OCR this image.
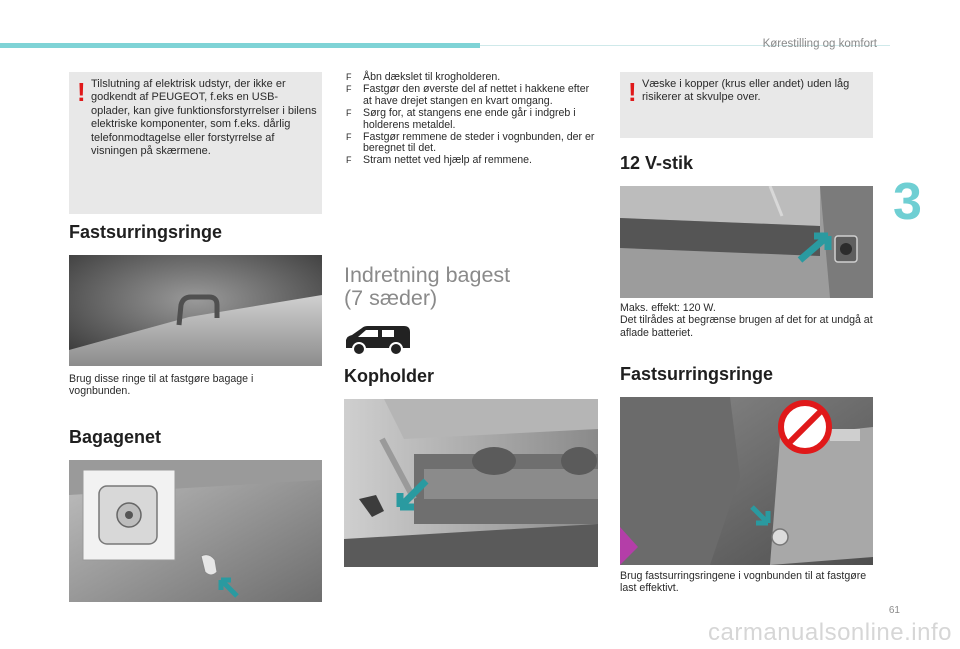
Kørestilling og komfort
3
! Tilslutning af elektrisk udstyr, der ikke er godkendt af PEUGEOT, f.eks en USB-oplader, kan give funktionsforstyrrelser i bilens elektriske komponenter, som f.eks. dårlig telefonmodtagelse eller forstyrrelse af visningen på skærmene.
Fastsurringsringe
Brug disse ringe til at fastgøre bagage i vognbunden.
Bagagenet
F Åbn dækslet til krogholderen.
F Fastgør den øverste del af nettet i hakkene efter at have drejet stangen en kvart omgang.
F Sørg for, at stangens ene ende går i indgreb i holderens metaldel.
F Fastgør remmene de steder i vognbunden, der er beregnet til det.
F Stram nettet ved hjælp af remmene.
Indretning bagest
(7 sæder)
Kopholder
! Væske i kopper (krus eller andet) uden låg risikerer at skvulpe over.
12 V-stik
Maks. effekt: 120 W.
Det tilrådes at begrænse brugen af det for at undgå at aflade batteriet.
Fastsurringsringe
Brug fastsurringsringene i vognbunden til at fastgøre last effektivt.
61
carmanualsonline.info
